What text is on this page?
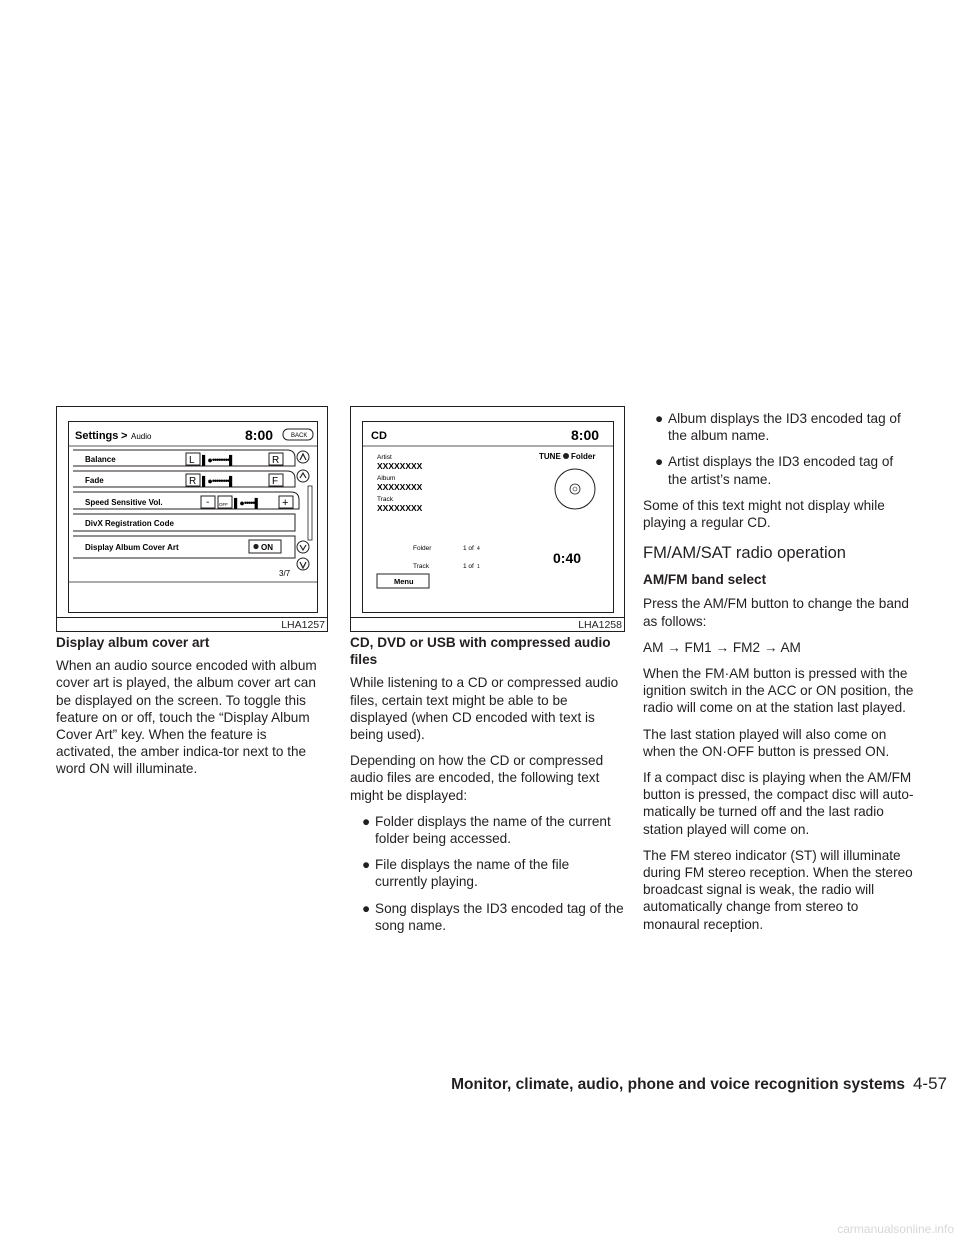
Settings > Audio	8:00	BACK
Balance	L ▌●••••••••▌	R
Fade	R ▌●••••••••▌	F
Speed Sensitive Vol.	- OFF ▌●•••••▌ +
DivX Registration Code
Display Album Cover Art	ON
3/7
LHA1257
CD	8:00
Artist
XXXXXXXX
Album
XXXXXXXX
Track
XXXXXXXX
TUNE Folder
Folder	1 of 4
Track	1 of 1
0:40
Menu
LHA1258
Display album cover art

When an audio source encoded with album cover art is played, the album cover art can be displayed on the screen. To toggle this feature on or off, touch the “Display Album Cover Art” key. When the feature is activated, the amber indica-tor next to the word ON will illuminate.

CD, DVD or USB with compressed audio files

While listening to a CD or compressed audio files, certain text might be able to be displayed (when CD encoded with text is being used).

Depending on how the CD or compressed audio files are encoded, the following text might be displayed:

● Folder displays the name of the current folder being accessed.
● File displays the name of the file currently playing.
● Song displays the ID3 encoded tag of the song name.
● Album displays the ID3 encoded tag of the album name.
● Artist displays the ID3 encoded tag of the artist’s name.

Some of this text might not display while playing a regular CD.

FM/AM/SAT radio operation
AM/FM band select

Press the AM/FM button to change the band as follows:

AM → FM1 → FM2 → AM

When the FM·AM button is pressed with the ignition switch in the ACC or ON position, the radio will come on at the station last played.

The last station played will also come on when the ON·OFF button is pressed ON.

If a compact disc is playing when the AM/FM button is pressed, the compact disc will auto-matically be turned off and the last radio station played will come on.

The FM stereo indicator (ST) will illuminate during FM stereo reception. When the stereo broadcast signal is weak, the radio will automatically change from stereo to monaural reception.

Monitor, climate, audio, phone and voice recognition systems 4-57
carmanualsonline.info
